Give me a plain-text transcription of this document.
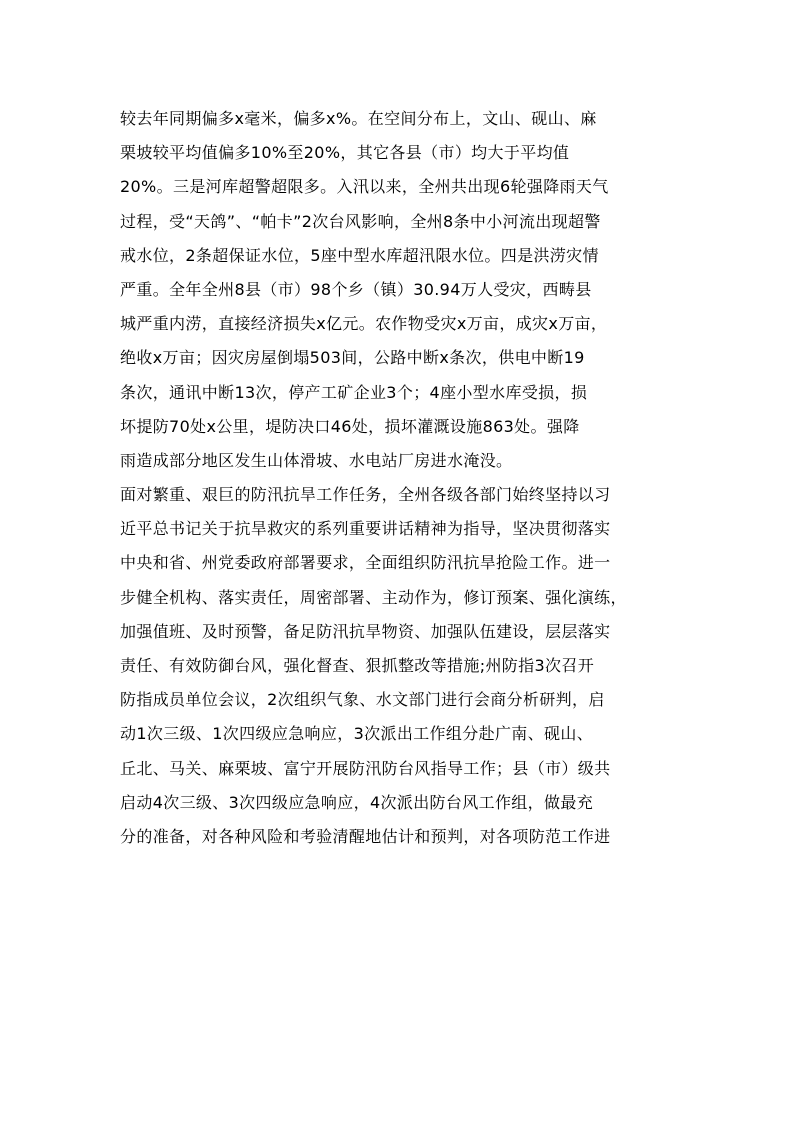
较去年同期偏多x毫米，偏多x%。在空间分布上，文山、砚山、麻
栗坡较平均值偏多10%至20%，其它各县（市）均大于平均值
20%。三是河库超警超限多。入汛以来，全州共出现6轮强降雨天气
过程，受“天鸽”、“帕卡”2次台风影响，全州8条中小河流出现超警
戒水位，2条超保证水位，5座中型水库超汛限水位。四是洪涝灾情
严重。全年全州8县（市）98个乡（镇）30.94万人受灾，西畴县
城严重内涝，直接经济损失x亿元。农作物受灾x万亩，成灾x万亩，
绝收x万亩；因灾房屋倒塌503间，公路中断x条次，供电中断19
条次，通讯中断13次，停产工矿企业3个；4座小型水库受损，损
坏提防70处x公里，堤防决口46处，损坏灌溉设施863处。强降
雨造成部分地区发生山体滑坡、水电站厂房进水淹没。
面对繁重、艰巨的防汛抗旱工作任务，全州各级各部门始终坚持以习
近平总书记关于抗旱救灾的系列重要讲话精神为指导，坚决贯彻落实
中央和省、州党委政府部署要求，全面组织防汛抗旱抢险工作。进一
步健全机构、落实责任，周密部署、主动作为，修订预案、强化演练，
加强值班、及时预警，备足防汛抗旱物资、加强队伍建设，层层落实
责任、有效防御台风，强化督查、狠抓整改等措施;州防指3次召开
防指成员单位会议，2次组织气象、水文部门进行会商分析研判，启
动1次三级、1次四级应急响应，3次派出工作组分赴广南、砚山、
丘北、马关、麻栗坡、富宁开展防汛防台风指导工作；县（市）级共
启动4次三级、3次四级应急响应，4次派出防台风工作组，做最充
分的准备，对各种风险和考验清醒地估计和预判，对各项防范工作进
